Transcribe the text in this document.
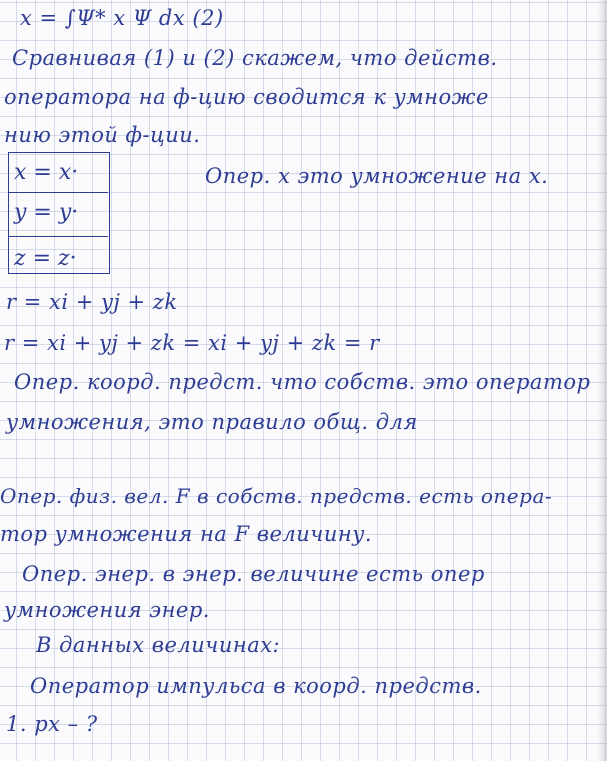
x = ∫Ψ* x Ψ dx (2)
Сравнивая (1) и (2) скажем, что действ.
оператора на ф-цию сводится к умноже
нию этой ф-ции.
x = x·
y = y·
z = z·
Опер. x это умножение на x.
r = xi + yj + zk
r = xi + yj + zk = xi + yj + zk = r
Опер. коорд. предст. что собств. это оператор
умножения, это правило общ. для
Опер. физ. вел. F в собств. предств. есть опера-
тор умножения на F величину.
Опер. энер. в энер. величине есть опер
умножения энер.
В данных величинах:
Оператор импульса в коорд. предств.
1. px – ?
